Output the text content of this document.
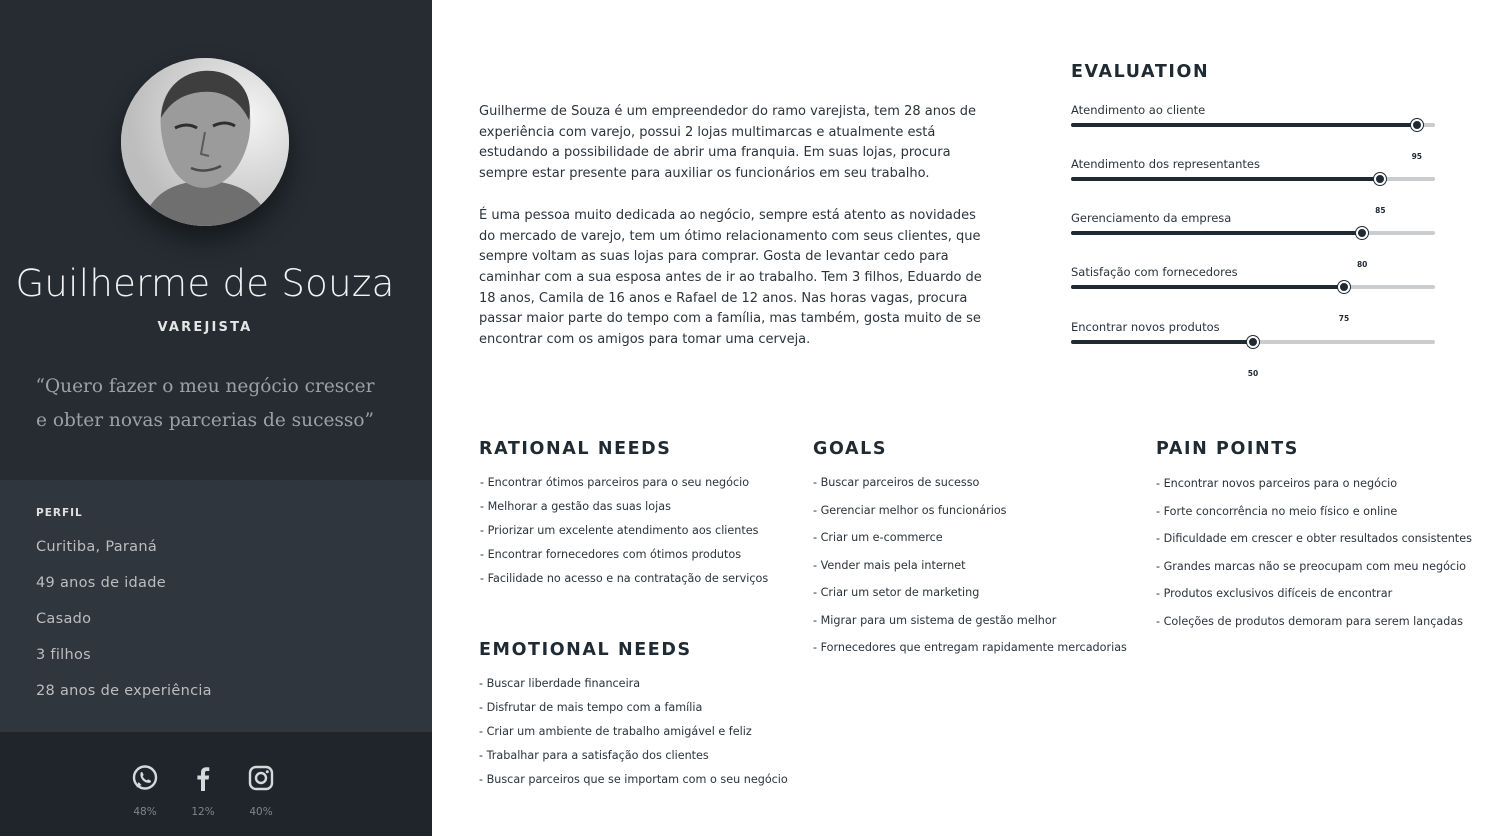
Guilherme de Souza
VAREJISTA

“Quero fazer o meu negócio crescer e obter novas parcerias de sucesso”

PERFIL
Curitiba, Paraná
49 anos de idade
Casado
3 filhos
28 anos de experiência
48%	12%	40%

Guilherme de Souza é um empreendedor do ramo varejista, tem 28 anos de experiência com varejo, possui 2 lojas multimarcas e atualmente está estudando a possibilidade de abrir uma franquia. Em suas lojas, procura sempre estar presente para auxiliar os funcionários em seu trabalho.

É uma pessoa muito dedicada ao negócio, sempre está atento as novidades do mercado de varejo, tem um ótimo relacionamento com seus clientes, que sempre voltam as suas lojas para comprar. Gosta de levantar cedo para caminhar com a sua esposa antes de ir ao trabalho. Tem 3 filhos, Eduardo de 18 anos, Camila de 16 anos e Rafael de 12 anos. Nas horas vagas, procura passar maior parte do tempo com a família, mas também, gosta muito de se encontrar com os amigos para tomar uma cerveja.

EVALUATION
Atendimento ao cliente
95
Atendimento dos representantes
85
Gerenciamento da empresa
80
Satisfação com fornecedores
75
Encontrar novos produtos
50
RATIONAL NEEDS
- Encontrar ótimos parceiros para o seu negócio
- Melhorar a gestão das suas lojas
- Priorizar um excelente atendimento aos clientes
- Encontrar fornecedores com ótimos produtos
- Facilidade no acesso e na contratação de serviços
EMOTIONAL NEEDS
- Buscar liberdade financeira
- Disfrutar de mais tempo com a família
- Criar um ambiente de trabalho amigável e feliz
- Trabalhar para a satisfação dos clientes
- Buscar parceiros que se importam com o seu negócio
GOALS
- Buscar parceiros de sucesso
- Gerenciar melhor os funcionários
- Criar um e-commerce
- Vender mais pela internet
- Criar um setor de marketing
- Migrar para um sistema de gestão melhor
- Fornecedores que entregam rapidamente mercadorias
PAIN POINTS
- Encontrar novos parceiros para o negócio
- Forte concorrência no meio físico e online
- Dificuldade em crescer e obter resultados consistentes
- Grandes marcas não se preocupam com meu negócio
- Produtos exclusivos difíceis de encontrar
- Coleções de produtos demoram para serem lançadas
